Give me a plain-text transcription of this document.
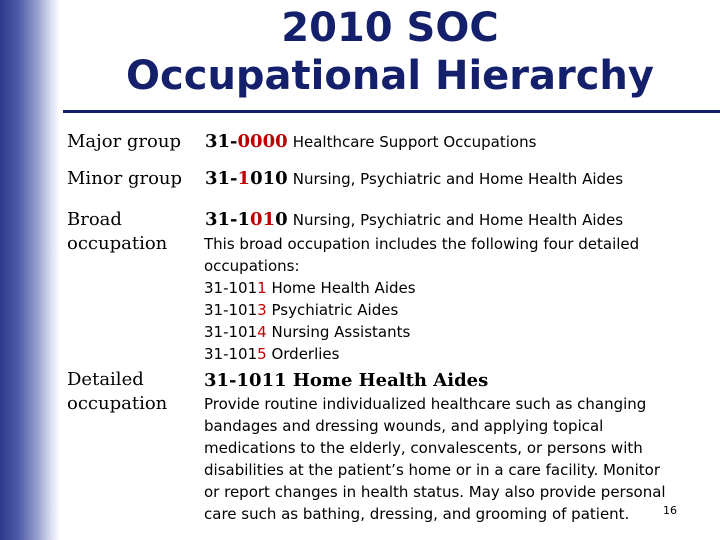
2010 SOC
Occupational Hierarchy
Major group 31-0000 Healthcare Support Occupations
Minor group 31-1010 Nursing, Psychiatric and Home Health Aides
Broad
occupation
31-1010 Nursing, Psychiatric and Home Health Aides
This broad occupation includes the following four detailed
occupations:
31-1011 Home Health Aides
31-1013 Psychiatric Aides
31-1014 Nursing Assistants
31-1015 Orderlies
Detailed
occupation
31-1011 Home Health Aides
Provide routine individualized healthcare such as changing
bandages and dressing wounds, and applying topical
medications to the elderly, convalescents, or persons with
disabilities at the patient’s home or in a care facility. Monitor
or report changes in health status. May also provide personal
care such as bathing, dressing, and grooming of patient.	16
